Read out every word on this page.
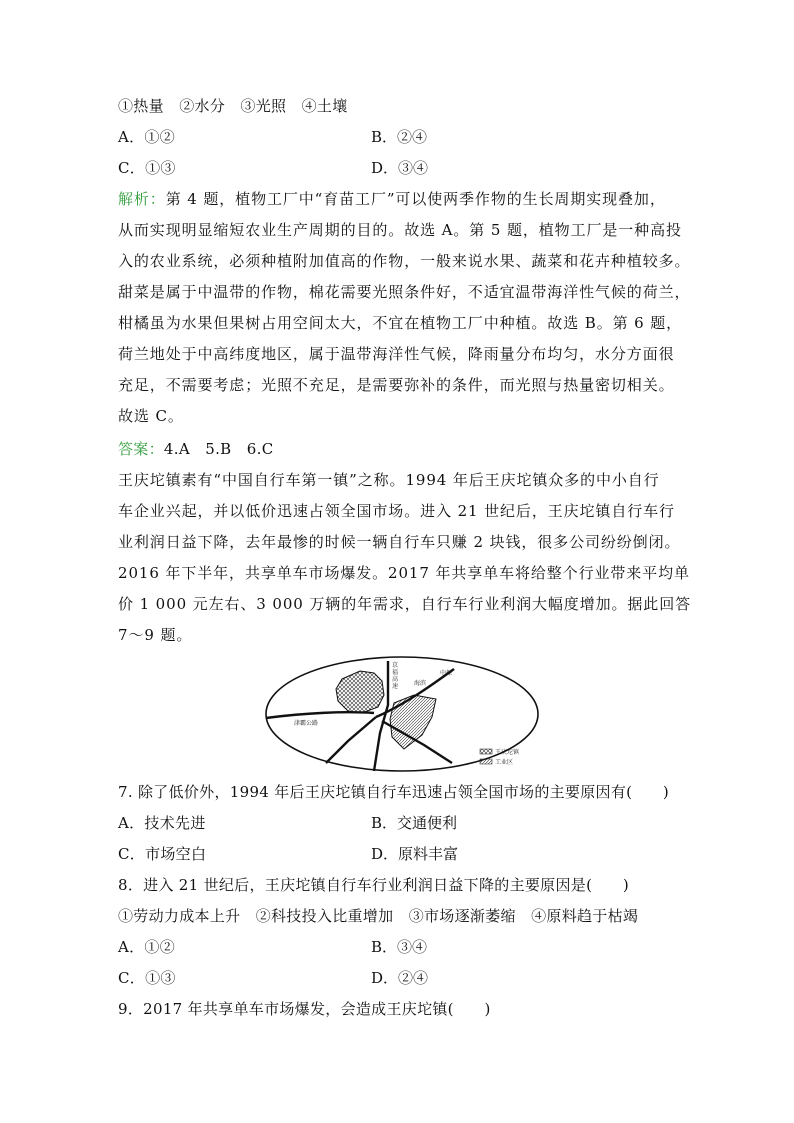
①热量　②水分　③光照　④土壤
A．①②	B．②④
C．①③	D．③④
解析：第 4 题，植物工厂中“育苗工厂”可以使两季作物的生长周期实现叠加，
从而实现明显缩短农业生产周期的目的。故选 A。第 5 题，植物工厂是一种高投
入的农业系统，必须种植附加值高的作物，一般来说水果、蔬菜和花卉种植较多。
甜菜是属于中温带的作物，棉花需要光照条件好，不适宜温带海洋性气候的荷兰，
柑橘虽为水果但果树占用空间太大，不宜在植物工厂中种植。故选 B。第 6 题，
荷兰地处于中高纬度地区，属于温带海洋性气候，降雨量分布均匀，水分方面很
充足，不需要考虑；光照不充足，是需要弥补的条件，而光照与热量密切相关。
故选 C。
答案：4.A　5.B　6.C
王庆坨镇素有“中国自行车第一镇”之称。1994 年后王庆坨镇众多的中小自行
车企业兴起，并以低价迅速占领全国市场。进入 21 世纪后，王庆坨镇自行车行
业利润日益下降，去年最惨的时候一辆自行车只赚 2 块钱，很多公司纷纷倒闭。
2016 年下半年，共享单车市场爆发。2017 年共享单车将给整个行业带来平均单
价 1 000 元左右、3 000 万辆的年需求，自行车行业利润大幅度增加。据此回答
7～9 题。
京福高速
津霸公路
中保
海滨
王庆坨镇
工业区
7. 除了低价外，1994 年后王庆坨镇自行车迅速占领全国市场的主要原因有(　　)
A．技术先进	B．交通便利
C．市场空白	D．原料丰富
8．进入 21 世纪后，王庆坨镇自行车行业利润日益下降的主要原因是(　　)
①劳动力成本上升　②科技投入比重增加　③市场逐渐萎缩　④原料趋于枯竭
A．①②	B．③④
C．①③	D．②④
9．2017 年共享单车市场爆发，会造成王庆坨镇(　　)
